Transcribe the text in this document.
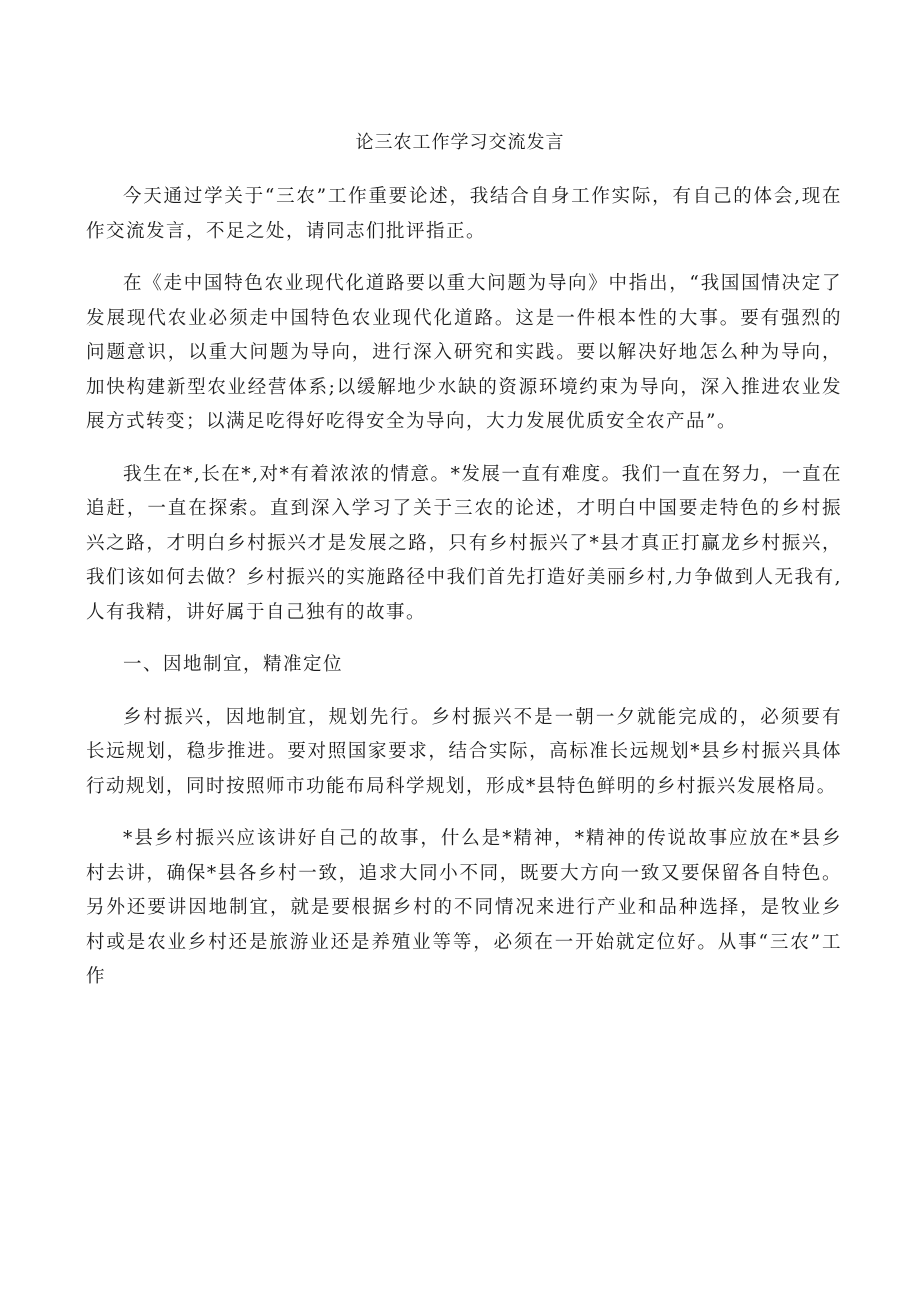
论三农工作学习交流发言

今天通过学关于“三农”工作重要论述，我结合自身工作实际，有自己的体会,现在作交流发言，不足之处，请同志们批评指正。

在《走中国特色农业现代化道路要以重大问题为导向》中指出，“我国国情决定了发展现代农业必须走中国特色农业现代化道路。这是一件根本性的大事。要有强烈的问题意识，以重大问题为导向，进行深入研究和实践。要以解决好地怎么种为导向，加快构建新型农业经营体系;以缓解地少水缺的资源环境约束为导向，深入推进农业发展方式转变；以满足吃得好吃得安全为导向，大力发展优质安全农产品”。

我生在*,长在*,对*有着浓浓的情意。*发展一直有难度。我们一直在努力，一直在追赶，一直在探索。直到深入学习了关于三农的论述，才明白中国要走特色的乡村振兴之路，才明白乡村振兴才是发展之路，只有乡村振兴了*县才真正打赢龙乡村振兴，我们该如何去做？乡村振兴的实施路径中我们首先打造好美丽乡村,力争做到人无我有,人有我精，讲好属于自己独有的故事。

一、因地制宜，精准定位

乡村振兴，因地制宜，规划先行。乡村振兴不是一朝一夕就能完成的，必须要有长远规划，稳步推进。要对照国家要求，结合实际，高标准长远规划*县乡村振兴具体行动规划，同时按照师市功能布局科学规划，形成*县特色鲜明的乡村振兴发展格局。

*县乡村振兴应该讲好自己的故事，什么是*精神，*精神的传说故事应放在*县乡村去讲，确保*县各乡村一致，追求大同小不同，既要大方向一致又要保留各自特色。另外还要讲因地制宜，就是要根据乡村的不同情况来进行产业和品种选择，是牧业乡村或是农业乡村还是旅游业还是养殖业等等，必须在一开始就定位好。从事“三农”工作
